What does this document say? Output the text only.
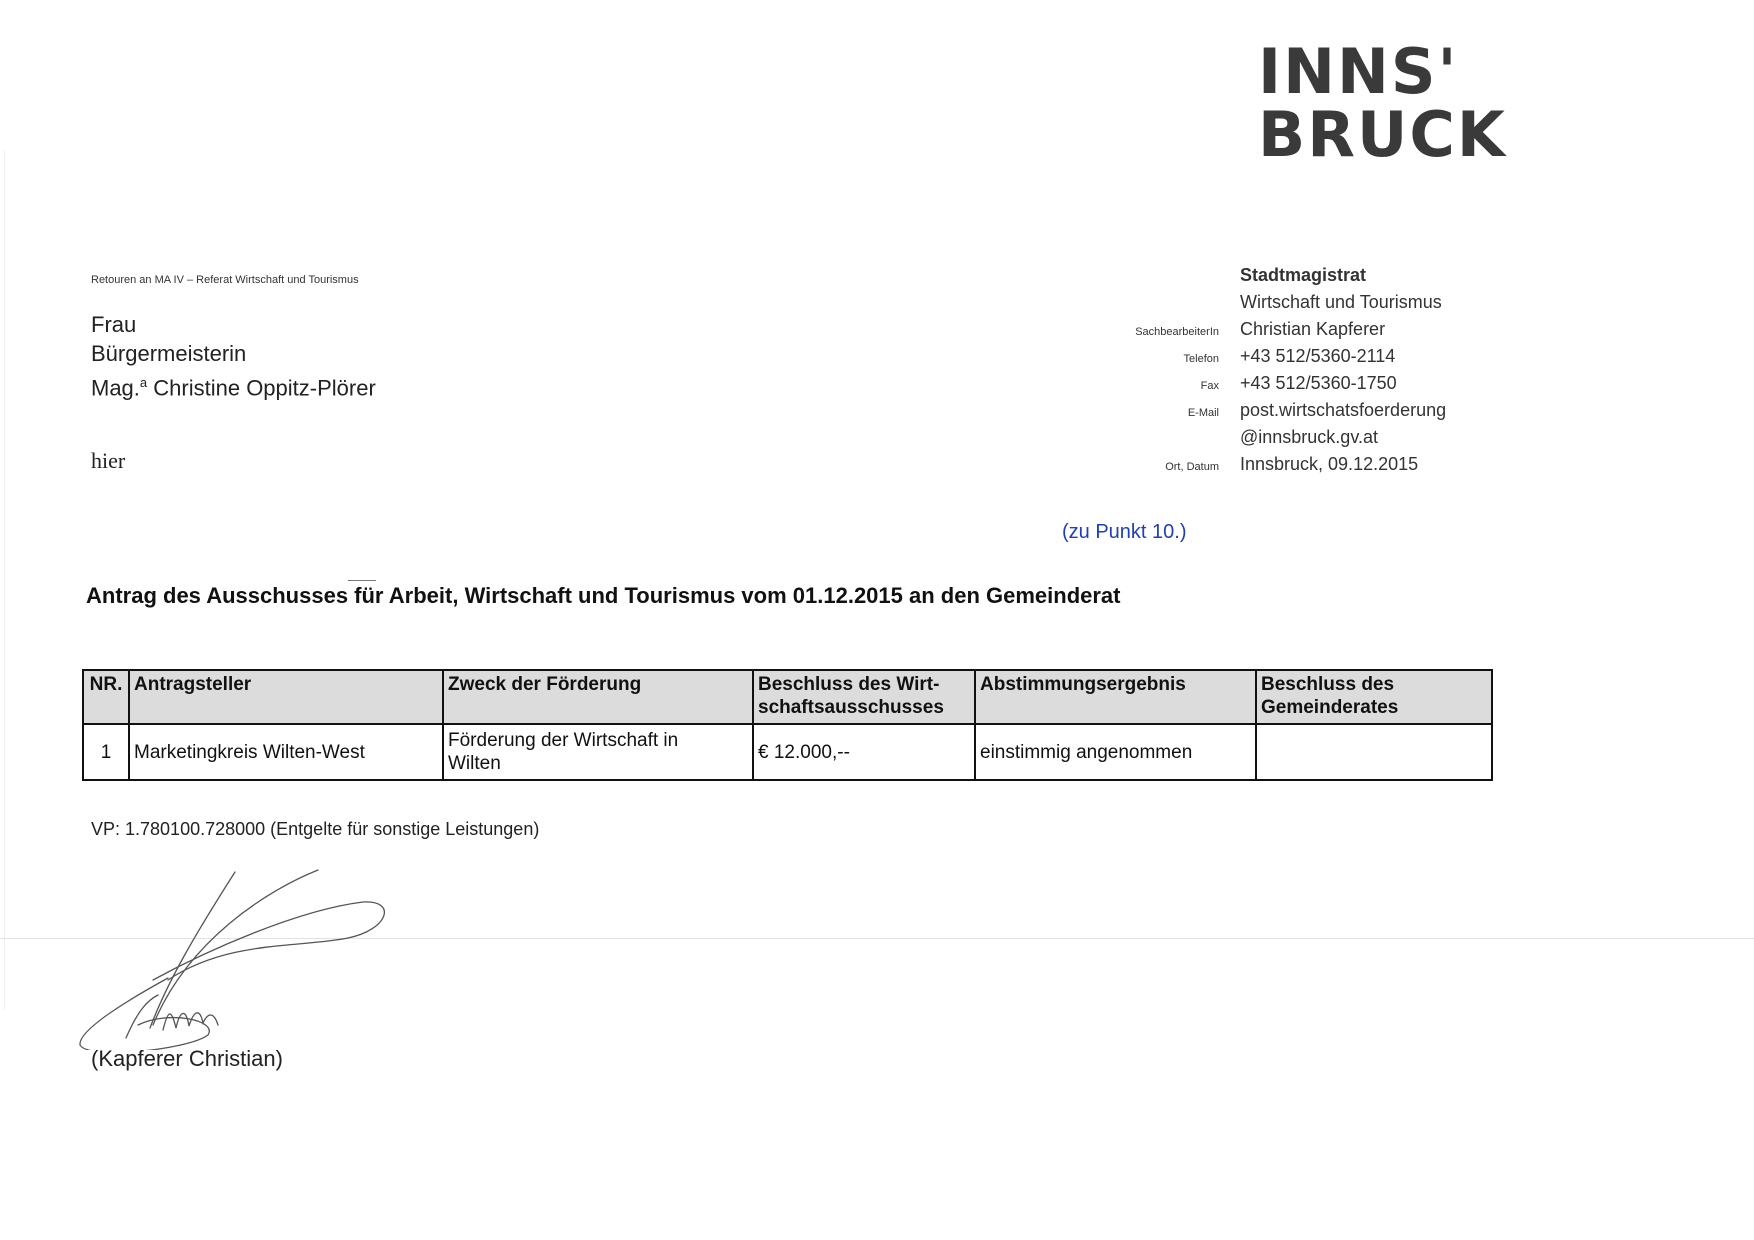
INNS'
BRUCK
Retouren an MA IV – Referat Wirtschaft und Tourismus
Frau
Bürgermeisterin
Mag.$^a$ Christine Oppitz-Plörer
hier
Stadtmagistrat
Wirtschaft und Tourismus
SachbearbeiterIn	Christian Kapferer
Telefon	+43 512/5360-2114
Fax	+43 512/5360-1750
E-Mail	post.wirtschatsfoerderung
@innsbruck.gv.at
Ort, Datum	Innsbruck, 09.12.2015
(zu Punkt 10.)
Antrag des Ausschusses für Arbeit, Wirtschaft und Tourismus vom 01.12.2015 an den Gemeinderat
NR.	Antragsteller	Zweck der Förderung	Beschluss des Wirt-
schaftsausschusses	Abstimmungsergebnis	Beschluss des
Gemeinderates
1	Marketingkreis Wilten-West	Förderung der Wirtschaft in
Wilten	€ 12.000,--	einstimmig angenommen	
VP: 1.780100.728000 (Entgelte für sonstige Leistungen)
(Kapferer Christian)
